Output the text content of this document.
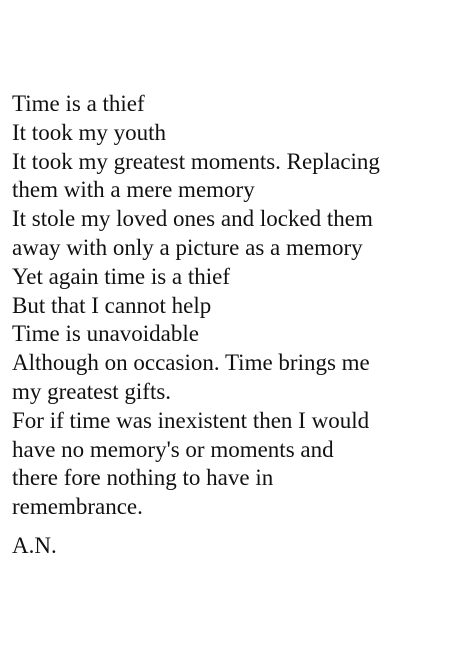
Time is a thief
It took my youth
It took my greatest moments. Replacing
them with a mere memory
It stole my loved ones and locked them
away with only a picture as a memory
Yet again time is a thief
But that I cannot help
Time is unavoidable
Although on occasion. Time brings me
my greatest gifts.
For if time was inexistent then I would
have no memory's or moments and
there fore nothing to have in
remembrance.
A.N.
